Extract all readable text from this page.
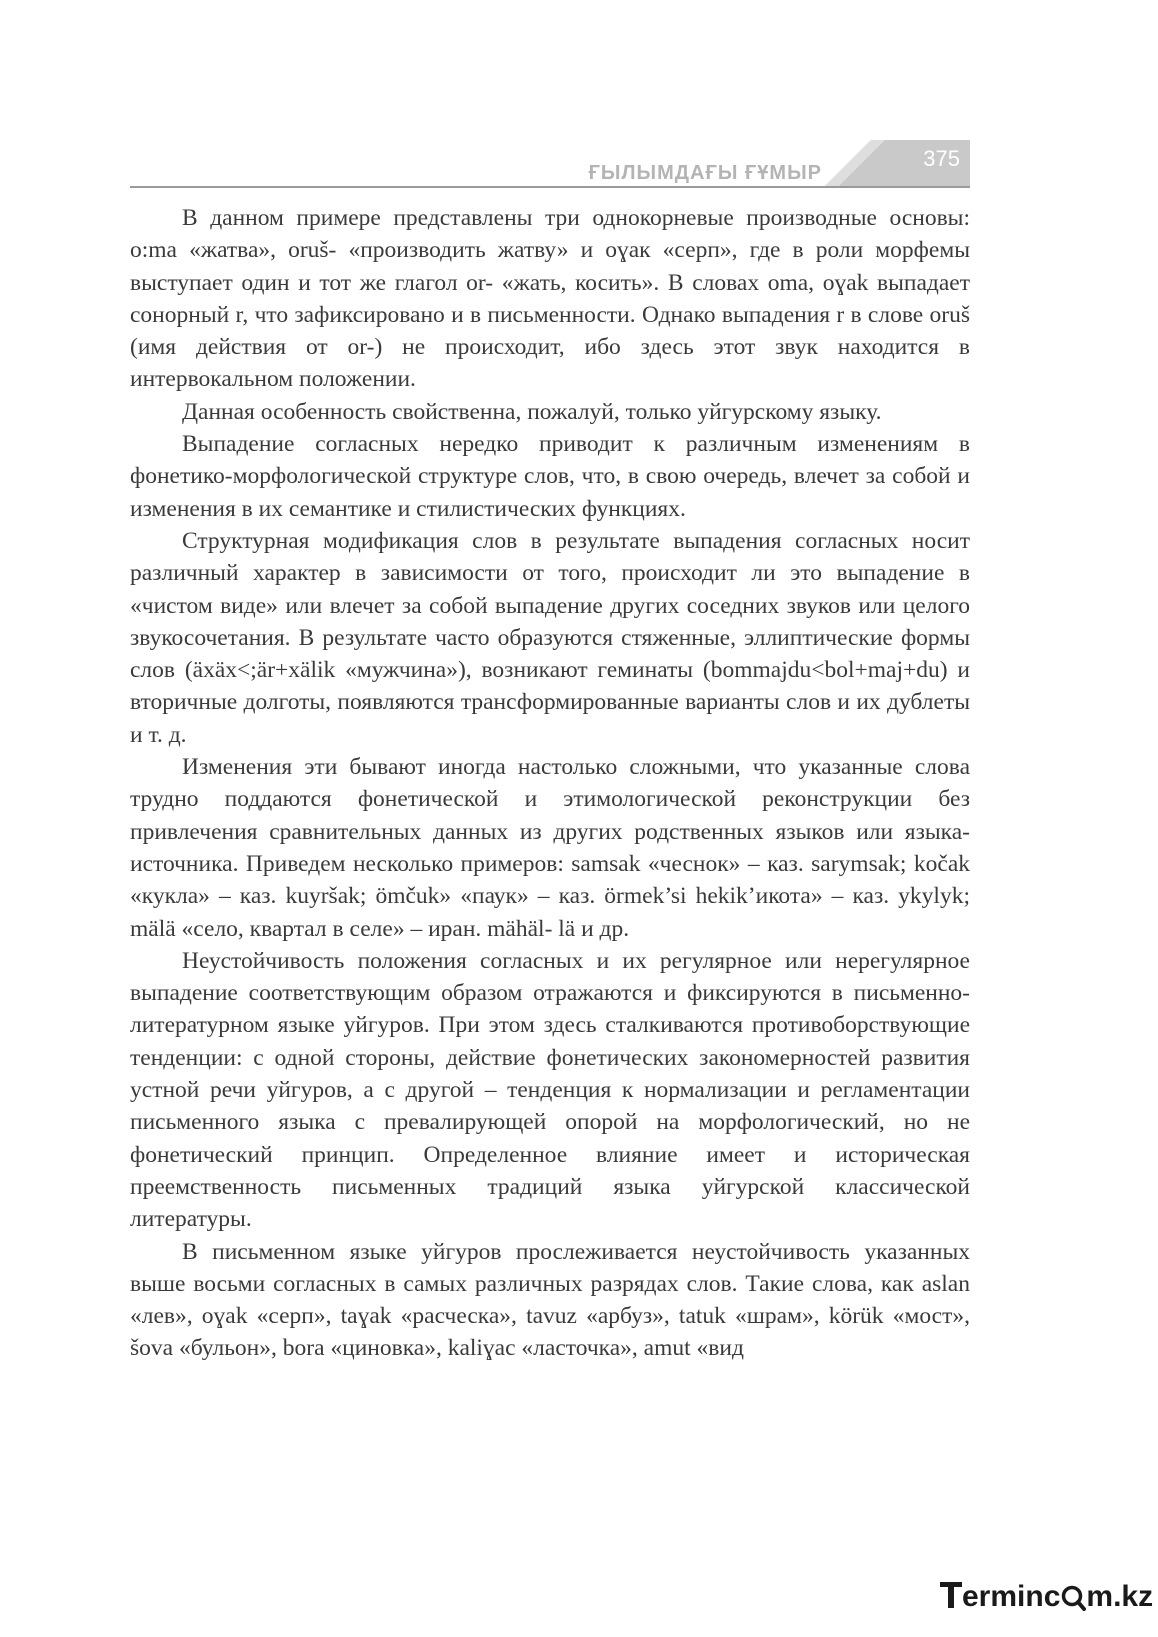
ҒЫЛЫМДАҒЫ ҒҰМЫР
375

В данном примере представлены три однокорневые производные основы: о:ma «жатва», oruš- «производить жатву» и oɣак «серп», где в роли морфемы выступает один и тот же глагол or- «жать, косить». В словах oma, oɣak выпадает сонорный r, что зафиксировано и в письменности. Однако выпадения r в слове oruš (имя действия от or-) не происходит, ибо здесь этот звук находится в интервокальном положении.

Данная особенность свойственна, пожалуй, только уйгурскому языку.

Выпадение согласных нередко приводит к различным изменениям в фонетико-морфологической структуре слов, что, в свою очередь, влечет за собой и изменения в их семантике и стилистических функциях.

Структурная модификация слов в результате выпадения согласных носит различный характер в зависимости от того, происходит ли это выпадение в «чистом виде» или влечет за собой выпадение других соседних звуков или целого звукосочетания. В результате часто образуются стяженные, эллиптические формы слов (äxäx<;är+xälik «мужчина»), возникают геминаты (bommajdu<bol+maj+du) и вторичные долготы, появляются трансформированные варианты слов и их дублеты и т. д.

Изменения эти бывают иногда настолько сложными, что указанные слова трудно поддаются фонетической и этимологической реконструкции без привлечения сравнительных данных из других родственных языков или языка-источника. Приведем несколько примеров: samsak «чеснок» – каз. sarymsak; kočak «кукла» – каз. kuyršak; ömčuk» «паук» – каз. örmek’si hekik’икота» – каз. ykylyk; mälä «село, квартал в селе» – иран. mähäl- lä и др.

Неустойчивость положения согласных и их регулярное или нерегулярное выпадение соответствующим образом отражаются и фиксируются в письменно-литературном языке уйгуров. При этом здесь сталкиваются противоборствующие тенденции: с одной стороны, действие фонетических закономерностей развития устной речи уйгуров, а с другой – тенденция к нормализации и регламентации письменного языка с превалирующей опорой на морфологический, но не фонетический принцип. Определенное влияние имеет и историческая преемственность письменных традиций языка уйгурской классической литературы.

В письменном языке уйгуров прослеживается неустойчивость указанных выше восьми согласных в самых различных разрядах слов. Такие слова, как aslan «лев», oɣak «серп», taɣak «расческа», tavuz «арбуз», tatuk «шрам», körük «мост», šova «бульон», bora «циновка», kaliɣac «ласточка», amut «вид

erminc m.kz
